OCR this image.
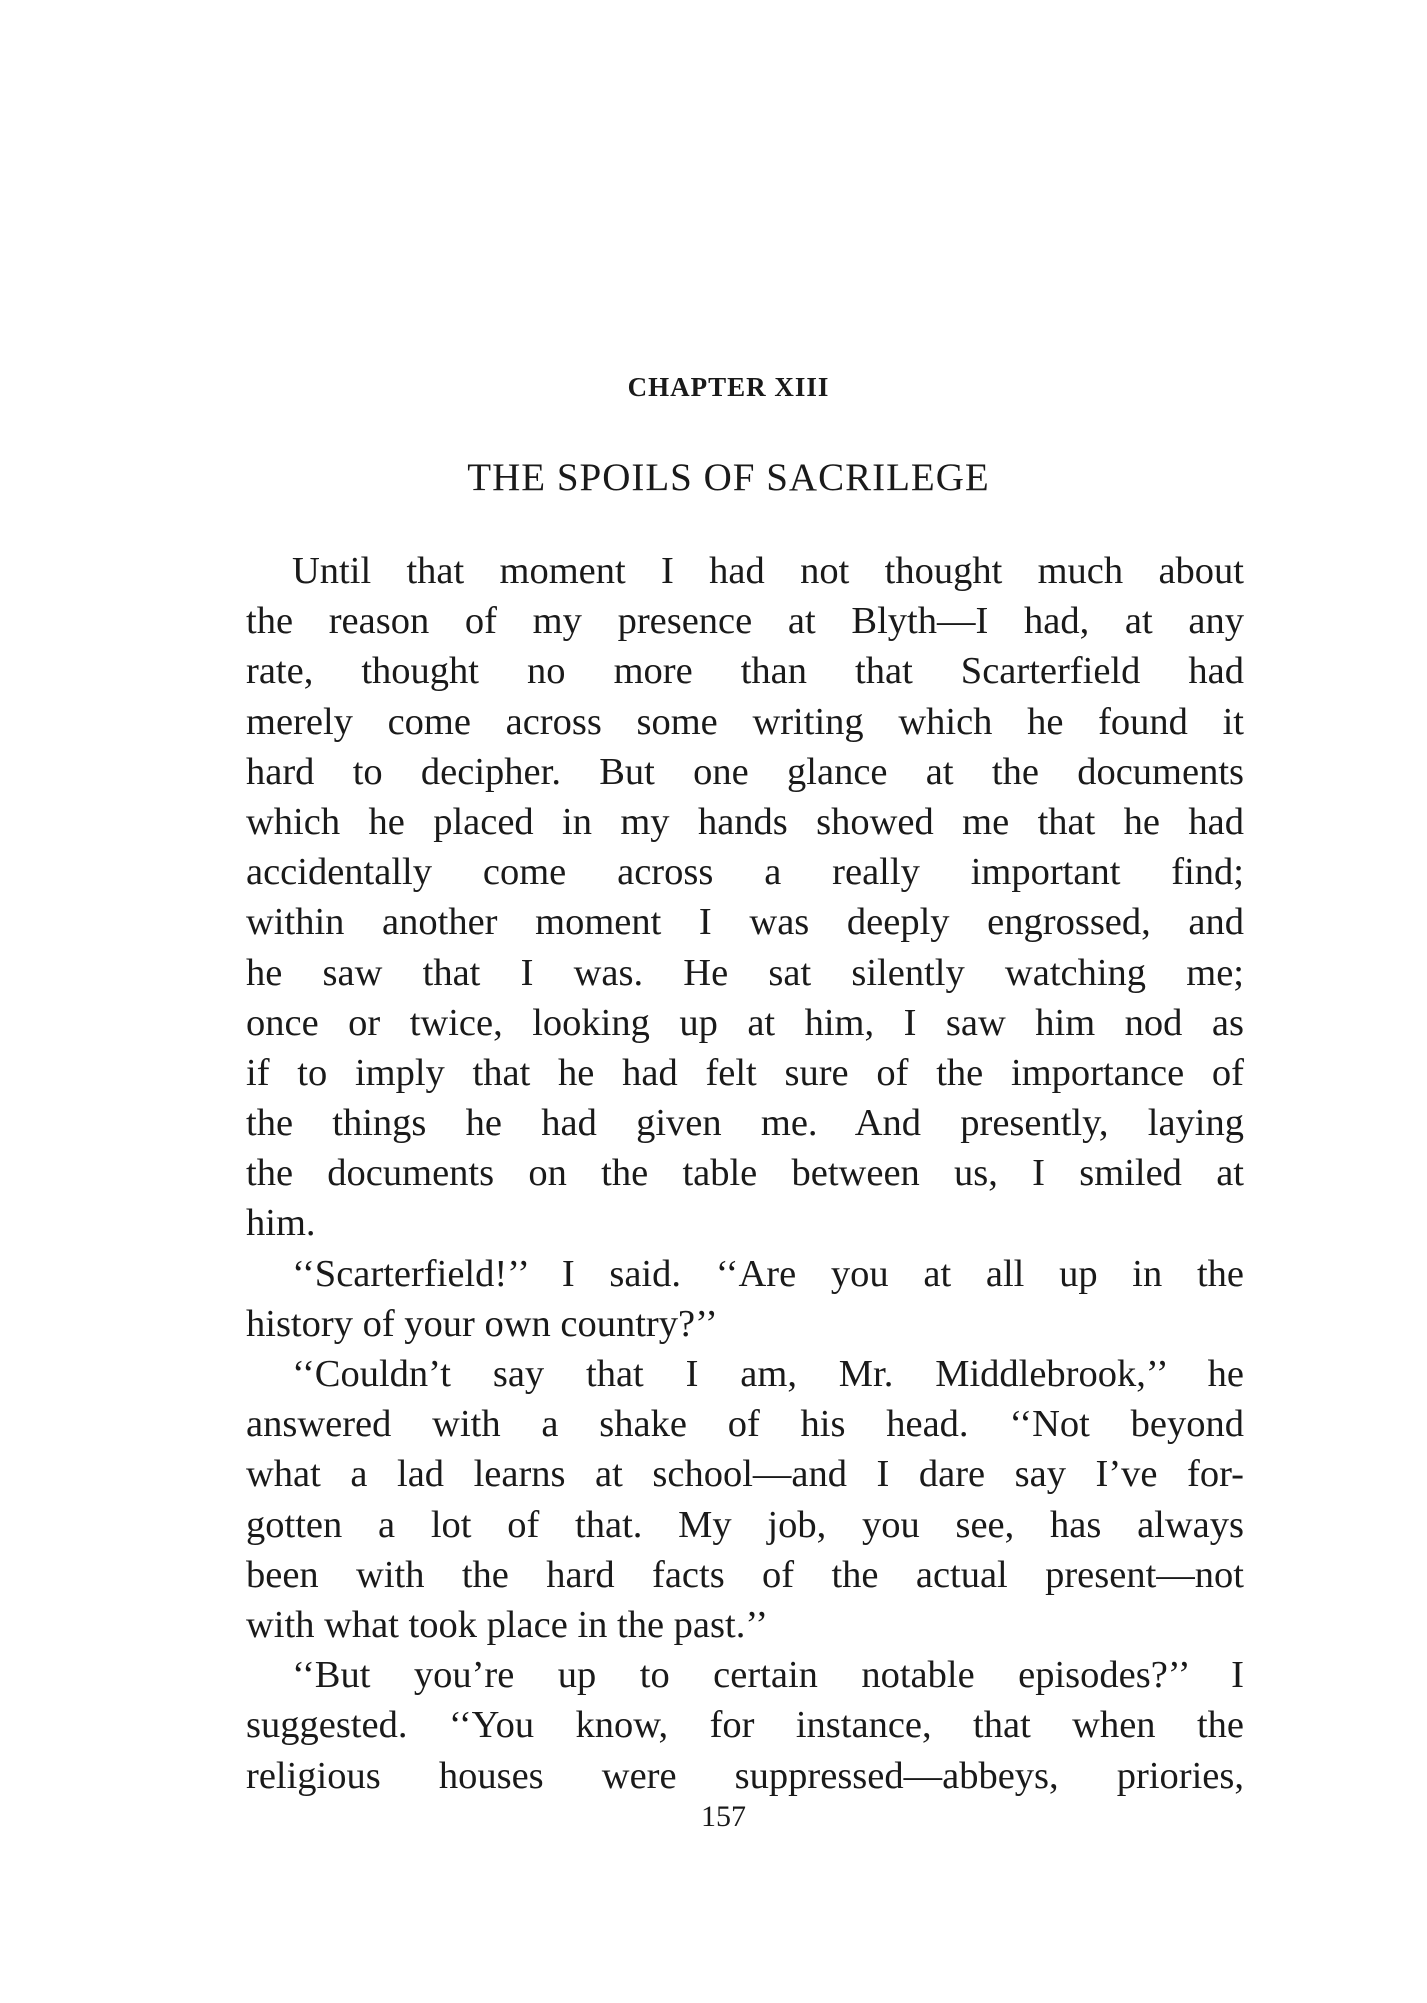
CHAPTER XIII
THE SPOILS OF SACRILEGE
Until that moment I had not thought much about
the reason of my presence at Blyth—I had, at any
rate, thought no more than that Scarterfield had
merely come across some writing which he found it
hard to decipher. But one glance at the documents
which he placed in my hands showed me that he had
accidentally come across a really important find;
within another moment I was deeply engrossed, and
he saw that I was. He sat silently watching me;
once or twice, looking up at him, I saw him nod as
if to imply that he had felt sure of the importance of
the things he had given me. And presently, laying
the documents on the table between us, I smiled at
him.
‘‘Scarterfield!’’ I said. ‘‘Are you at all up in the
history of your own country?’’
‘‘Couldn’t say that I am, Mr. Middlebrook,’’ he
answered with a shake of his head. ‘‘Not beyond
what a lad learns at school—and I dare say I’ve for-
gotten a lot of that. My job, you see, has always
been with the hard facts of the actual present—not
with what took place in the past.’’
‘‘But you’re up to certain notable episodes?’’ I
suggested. ‘‘You know, for instance, that when the
religious houses were suppressed—abbeys, priories,
157
